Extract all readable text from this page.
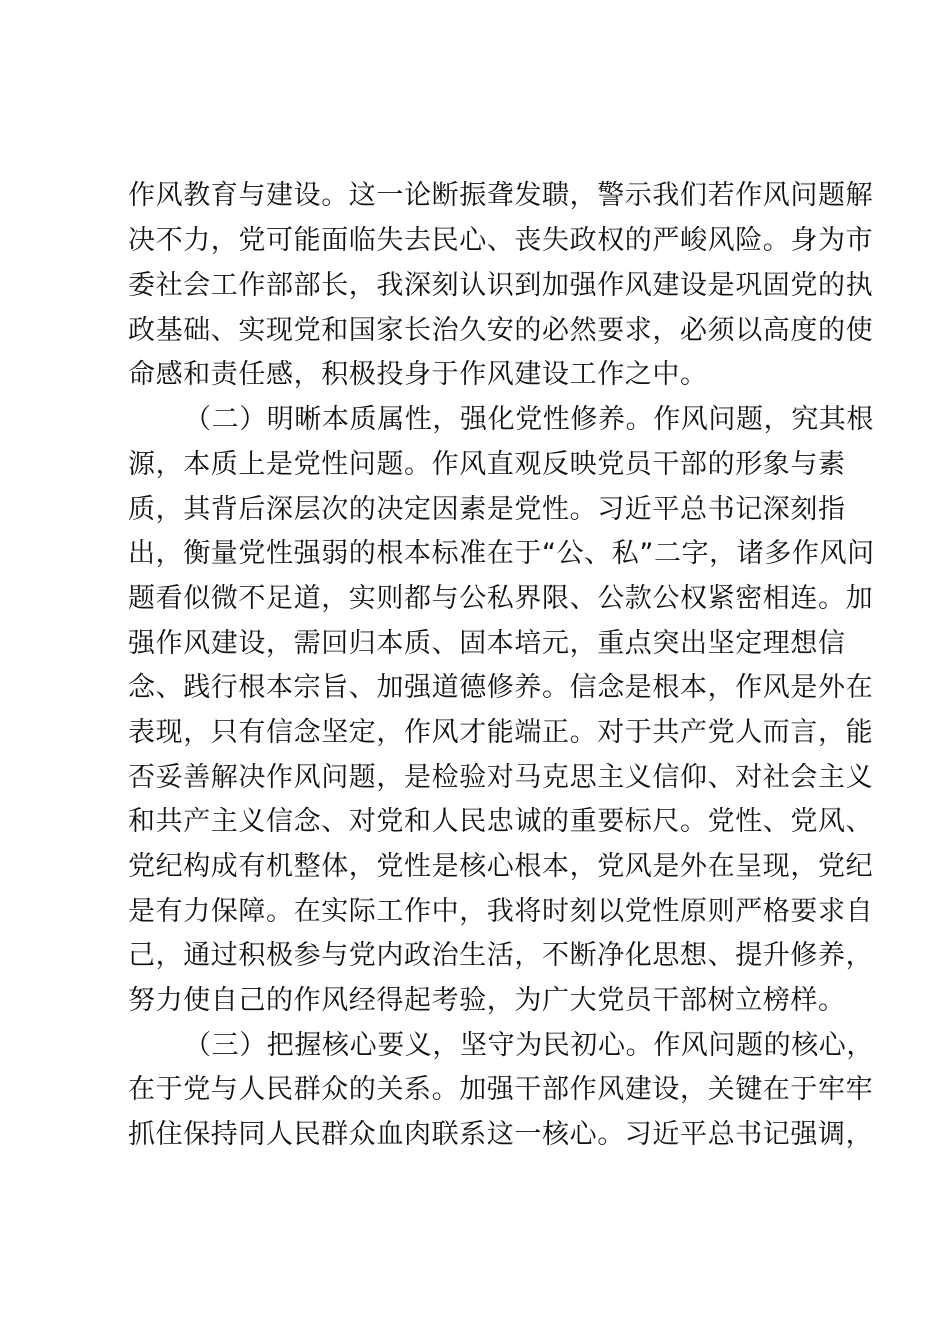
作风教育与建设。这一论断振聋发聩，警示我们若作风问题解
决不力，党可能面临失去民心、丧失政权的严峻风险。身为市
委社会工作部部长，我深刻认识到加强作风建设是巩固党的执
政基础、实现党和国家长治久安的必然要求，必须以高度的使
命感和责任感，积极投身于作风建设工作之中。
（二）明晰本质属性，强化党性修养。作风问题，究其根
源，本质上是党性问题。作风直观反映党员干部的形象与素
质，其背后深层次的决定因素是党性。习近平总书记深刻指
出，衡量党性强弱的根本标准在于“公、私”二字，诸多作风问
题看似微不足道，实则都与公私界限、公款公权紧密相连。加
强作风建设，需回归本质、固本培元，重点突出坚定理想信
念、践行根本宗旨、加强道德修养。信念是根本，作风是外在
表现，只有信念坚定，作风才能端正。对于共产党人而言，能
否妥善解决作风问题，是检验对马克思主义信仰、对社会主义
和共产主义信念、对党和人民忠诚的重要标尺。党性、党风、
党纪构成有机整体，党性是核心根本，党风是外在呈现，党纪
是有力保障。在实际工作中，我将时刻以党性原则严格要求自
己，通过积极参与党内政治生活，不断净化思想、提升修养，
努力使自己的作风经得起考验，为广大党员干部树立榜样。
（三）把握核心要义，坚守为民初心。作风问题的核心，
在于党与人民群众的关系。加强干部作风建设，关键在于牢牢
抓住保持同人民群众血肉联系这一核心。习近平总书记强调，
